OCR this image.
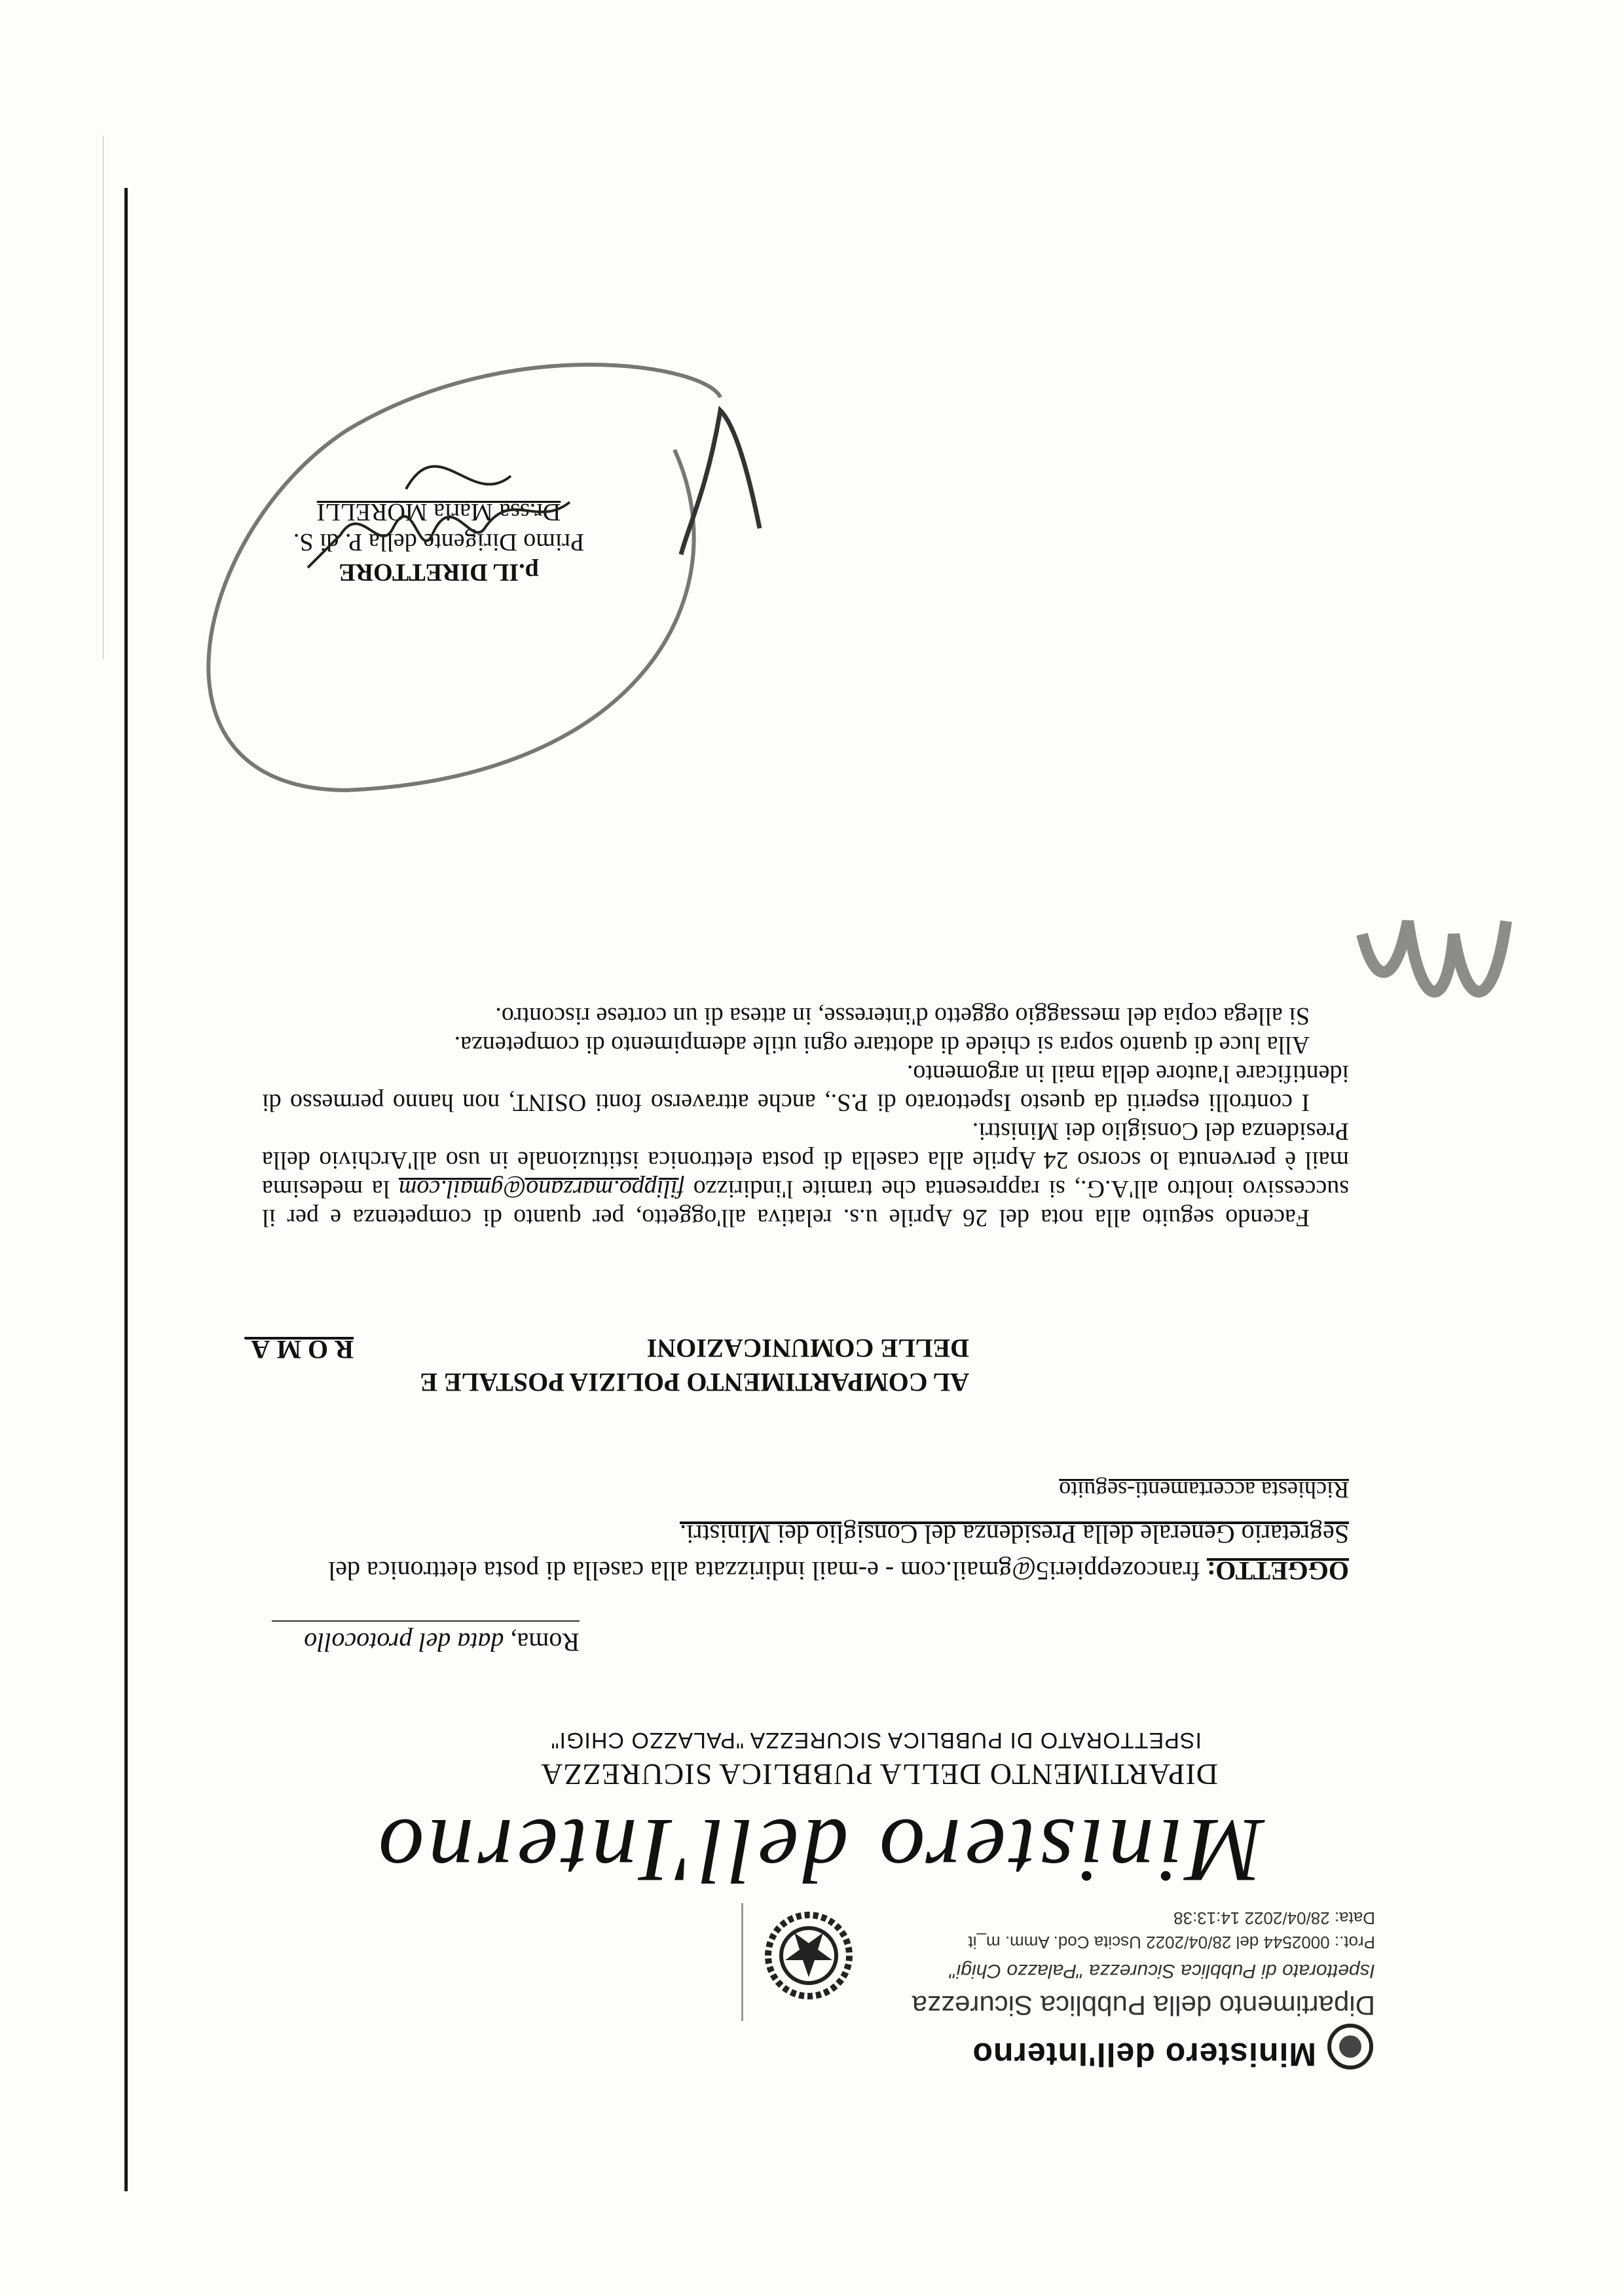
Ministero dell'Interno
Dipartimento della Pubblica Sicurezza
Ispettorato di Pubblica Sicurezza "Palazzo Chigi"
Prot.: 0002544 del 28/04/2022 Uscita Cod. Amm. m_it
Data: 28/04/2022 14:13:38
Ministero dell'Interno
DIPARTIMENTO DELLA PUBBLICA SICUREZZA
ISPETTORATO DI PUBBLICA SICUREZZA "PALAZZO CHIGI"
Roma, data del protocollo
OGGETTO: francozeppieri5@gmail.com - e-mail indirizzata alla casella di posta elettronica del
Segretario Generale della Presidenza del Consiglio dei Ministri.
Richiesta accertamenti-seguito
AL COMPARTIMENTO POLIZIA POSTALE E
DELLE COMUNICAZIONI
ROMA

Facendo seguito alla nota del 26 Aprile u.s. relativa all'oggetto, per quanto di competenza e per il successivo inoltro all'A.G., si rappresenta che tramite l'indirizzo filippo.marzano@gmail.com la medesima mail è pervenuta lo scorso 24 Aprile alla casella di posta elettronica istituzionale in uso all'Archivio della Presidenza del Consiglio dei Ministri.

I controlli esperiti da questo Ispettorato di P.S., anche attraverso fonti OSINT, non hanno permesso di identificare l'autore della mail in argomento.

Alla luce di quanto sopra si chiede di adottare ogni utile adempimento di competenza.

Si allega copia del messaggio oggetto d'interesse, in attesa di un cortese riscontro.

p.IL DIRETTORE
Primo Dirigente della P. di S.
Dr.ssa Maria MORELLI
